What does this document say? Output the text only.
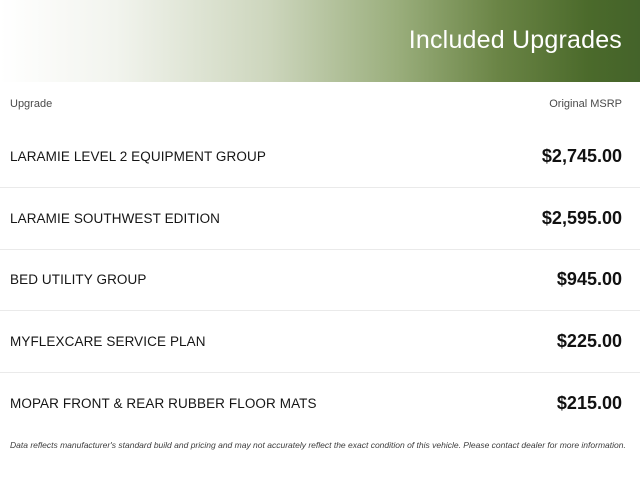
Included Upgrades
Upgrade	Original MSRP
LARAMIE LEVEL 2 EQUIPMENT GROUP	$2,745.00
LARAMIE SOUTHWEST EDITION	$2,595.00
BED UTILITY GROUP	$945.00
MYFLEXCARE SERVICE PLAN	$225.00
MOPAR FRONT & REAR RUBBER FLOOR MATS	$215.00
Data reflects manufacturer's standard build and pricing and may not accurately reflect the exact condition of this vehicle. Please contact dealer for more information.
